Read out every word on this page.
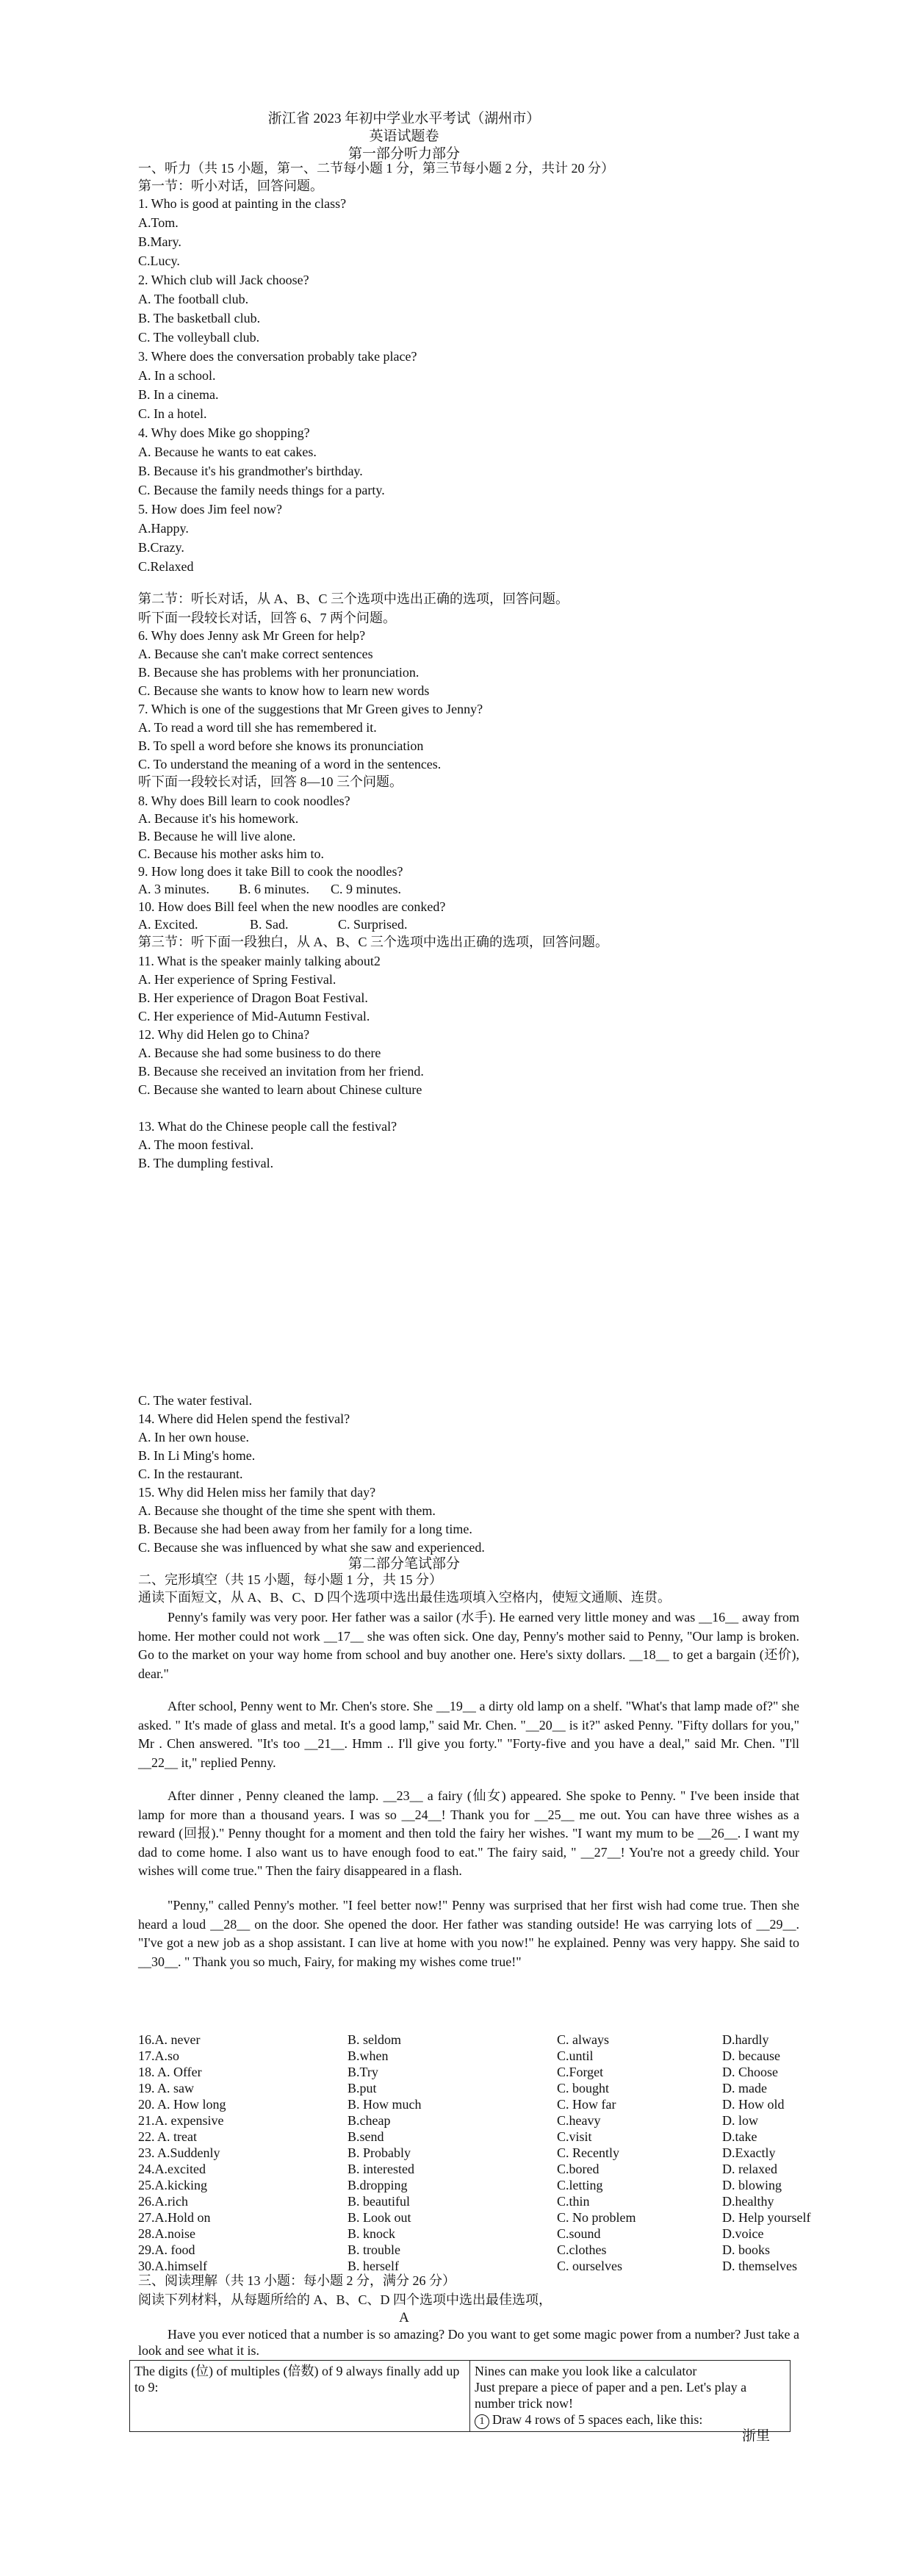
浙江省 2023 年初中学业水平考试（湖州市）
英语试题卷
第一部分听力部分
一、听力（共 15 小题，第一、二节每小题 1 分，第三节每小题 2 分，共计 20 分）
第一节：听小对话，回答问题。
1. Who is good at painting in the class?
A.Tom.
B.Mary.
C.Lucy.
2. Which club will Jack choose?
A. The football club.
B. The basketball club.
C. The volleyball club.
3. Where does the conversation probably take place?
A. In a school.
B. In a cinema.
C. In a hotel.
4. Why does Mike go shopping?
A. Because he wants to eat cakes.
B. Because it's his grandmother's birthday.
C. Because the family needs things for a party.
5. How does Jim feel now?
A.Happy.
B.Crazy.
C.Relaxed
第二节：听长对话，从 A、B、C 三个选项中选出正确的选项，回答问题。
听下面一段较长对话，回答 6、7 两个问题。
6. Why does Jenny ask Mr Green for help?
A. Because she can't make correct sentences
B. Because she has problems with her pronunciation.
C. Because she wants to know how to learn new words
7. Which is one of the suggestions that Mr Green gives to Jenny?
A. To read a word till she has remembered it.
B. To spell a word before she knows its pronunciation
C. To understand the meaning of a word in the sentences.
听下面一段较长对话，回答 8—10 三个问题。
8. Why does Bill learn to cook noodles?
A. Because it's his homework.
B. Because he will live alone.
C. Because his mother asks him to.
9. How long does it take Bill to cook the noodles?
A. 3 minutes. B. 6 minutes. C. 9 minutes.
10. How does Bill feel when the new noodles are conked?
A. Excited.	B. Sad.	C. Surprised.
第三节：听下面一段独白，从 A、B、C 三个选项中选出正确的选项，回答问题。
11. What is the speaker mainly talking about2
A. Her experience of Spring Festival.
B. Her experience of Dragon Boat Festival.
C. Her experience of Mid-Autumn Festival.
12. Why did Helen go to China?
A. Because she had some business to do there
B. Because she received an invitation from her friend.
C. Because she wanted to learn about Chinese culture
13. What do the Chinese people call the festival?
A. The moon festival.
B. The dumpling festival.
C. The water festival.
14. Where did Helen spend the festival?
A. In her own house.
B. In Li Ming's home.
C. In the restaurant.
15. Why did Helen miss her family that day?
A. Because she thought of the time she spent with them.
B. Because she had been away from her family for a long time.
C. Because she was influenced by what she saw and experienced.
第二部分笔试部分
二、完形填空（共 15 小题，每小题 1 分，共 15 分）
通读下面短文，从 A、B、C、D 四个选项中选出最佳选项填入空格内，使短文通顺、连贯。
Penny's family was very poor. Her father was a sailor (水手). He earned very little money and was __16__ away from home. Her mother could not work __17__ she was often sick. One day, Penny's mother said to Penny, "Our lamp is broken. Go to the market on your way home from school and buy another one. Here's sixty dollars. __18__ to get a bargain (还价), dear."
After school, Penny went to Mr. Chen's store. She __19__ a dirty old lamp on a shelf. "What's that lamp made of?" she asked. " It's made of glass and metal. It's a good lamp," said Mr. Chen. "__20__ is it?" asked Penny. "Fifty dollars for you," Mr . Chen answered. "It's too __21__. Hmm .. I'll give you forty." "Forty-five and you have a deal," said Mr. Chen. "I'll __22__ it," replied Penny.
After dinner , Penny cleaned the lamp. __23__ a fairy (仙女) appeared. She spoke to Penny. " I've been inside that lamp for more than a thousand years. I was so __24__! Thank you for __25__ me out. You can have three wishes as a reward (回报)." Penny thought for a moment and then told the fairy her wishes. "I want my mum to be __26__. I want my dad to come home. I also want us to have enough food to eat." The fairy said, " __27__! You're not a greedy child. Your wishes will come true." Then the fairy disappeared in a flash.
"Penny," called Penny's mother. "I feel better now!" Penny was surprised that her first wish had come true. Then she heard a loud __28__ on the door. She opened the door. Her father was standing outside! He was carrying lots of __29__. "I've got a new job as a shop assistant. I can live at home with you now!" he explained. Penny was very happy. She said to __30__. " Thank you so much, Fairy, for making my wishes come true!"
16.A. never	B. seldom	C. always	D.hardly
17.A.so	B.when	C.until	D. because
18. A. Offer	B.Try	C.Forget	D. Choose
19. A. saw	B.put	C. bought	D. made
20. A. How long	B. How much	C. How far	D. How old
21.A. expensive	B.cheap	C.heavy	D. low
22. A. treat	B.send	C.visit	D.take
23. A.Suddenly	B. Probably	C. Recently	D.Exactly
24.A.excited	B. interested	C.bored	D. relaxed
25.A.kicking	B.dropping	C.letting	D. blowing
26.A.rich	B. beautiful	C.thin	D.healthy
27.A.Hold on	B. Look out	C. No problem	D. Help yourself
28.A.noise	B. knock	C.sound	D.voice
29.A. food	B. trouble	C.clothes	D. books
30.A.himself	B. herself	C. ourselves	D. themselves
三、阅读理解（共 13 小题：每小题 2 分，满分 26 分）
阅读下列材料，从每题所给的 A、B、C、D 四个选项中选出最佳选项，
A
Have you ever noticed that a number is so amazing? Do you want to get some magic power from a number? Just take a look and see what it is.
The digits (位) of multiples (倍数) of 9 always finally add up to 9:	
Nines can make you look like a calculator
Just prepare a piece of paper and a pen. Let's play a number trick now!
1 Draw 4 rows of 5 spaces each, like this:
浙里
